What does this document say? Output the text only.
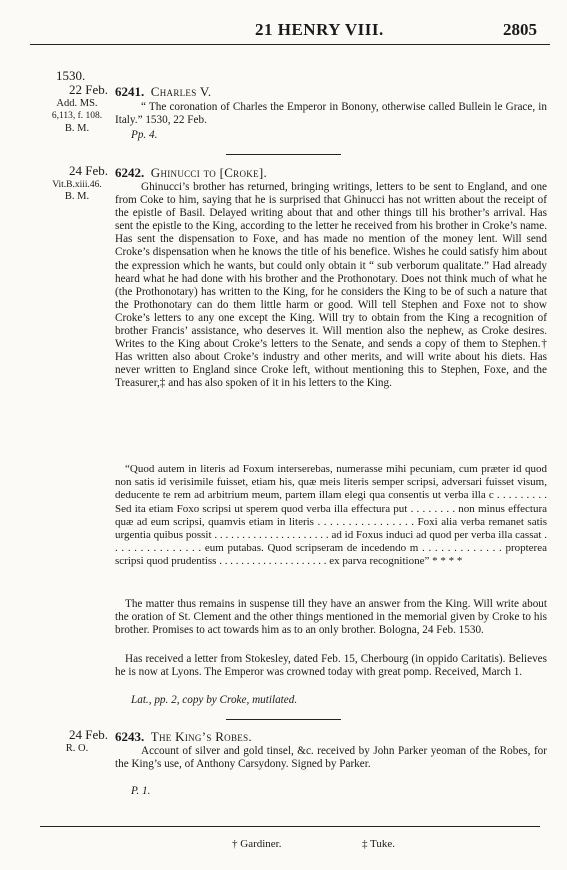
21 HENRY VIII.	2805
1530.
22 Feb.
Add. MS.
6,113, f. 108.
B. M.
6241. Charles V.
“ The coronation of Charles the Emperor in Bonony, otherwise called Bullein le Grace, in Italy.” 1530, 22 Feb.
Pp. 4.
24 Feb.
Vit.B.xiii.46.
B. M.
6242. Ghinucci to [Croke].
Ghinucci’s brother has returned, bringing writings, letters to be sent to England, and one from Coke to him, saying that he is surprised that Ghinucci has not written about the receipt of the epistle of Basil. Delayed writing about that and other things till his brother’s arrival. Has sent the epistle to the King, according to the letter he received from his brother in Croke’s name. Has sent the dispensation to Foxe, and has made no mention of the money lent. Will send Croke’s dispensation when he knows the title of his benefice. Wishes he could satisfy him about the expression which he wants, but could only obtain it “ sub verborum qualitate.” Had already heard what he had done with his brother and the Prothonotary. Does not think much of what he (the Prothonotary) has written to the King, for he considers the King to be of such a nature that the Prothonotary can do them little harm or good. Will tell Stephen and Foxe not to show Croke’s letters to any one except the King. Will try to obtain from the King a recognition of brother Francis’ assistance, who deserves it. Will mention also the nephew, as Croke desires. Writes to the King about Croke’s letters to the Senate, and sends a copy of them to Stephen.† Has written also about Croke’s industry and other merits, and will write about his diets. Has never written to England since Croke left, without mentioning this to Stephen, Foxe, and the Treasurer,‡ and has also spoken of it in his letters to the King.
“Quod autem in literis ad Foxum interserebas, numerasse mihi pecuniam, cum præter id quod non satis id verisimile fuisset, etiam his, quæ meis literis semper scripsi, adversari fuisset visum, deducente te rem ad arbitrium meum, partem illam elegi qua consentis ut verba illa c . . . . . . . . . Sed ita etiam Foxo scripsi ut sperem quod verba illa effectura put . . . . . . . . non minus effectura quæ ad eum scripsi, quamvis etiam in literis . . . . . . . . . . . . . . . . Foxi alia verba remanet satis urgentia quibus possit . . . . . . . . . . . . . . . . . . . . . ad id Foxus induci ad quod per verba illa cassat . . . . . . . . . . . . . . . eum putabas. Quod scripseram de incedendo m . . . . . . . . . . . . . propterea scripsi quod prudentiss . . . . . . . . . . . . . . . . . . . . ex parva recognitione” * * * *
The matter thus remains in suspense till they have an answer from the King. Will write about the oration of St. Clement and the other things mentioned in the memorial given by Croke to his brother. Promises to act towards him as to an only brother. Bologna, 24 Feb. 1530.
Has received a letter from Stokesley, dated Feb. 15, Cherbourg (in oppido Caritatis). Believes he is now at Lyons. The Emperor was crowned today with great pomp. Received, March 1.
Lat., pp. 2, copy by Croke, mutilated.
24 Feb.
R. O.
6243. The King’s Robes.
Account of silver and gold tinsel, &c. received by John Parker yeoman of the Robes, for the King’s use, of Anthony Carsydony. Signed by Parker.
P. 1.
† Gardiner.	‡ Tuke.
